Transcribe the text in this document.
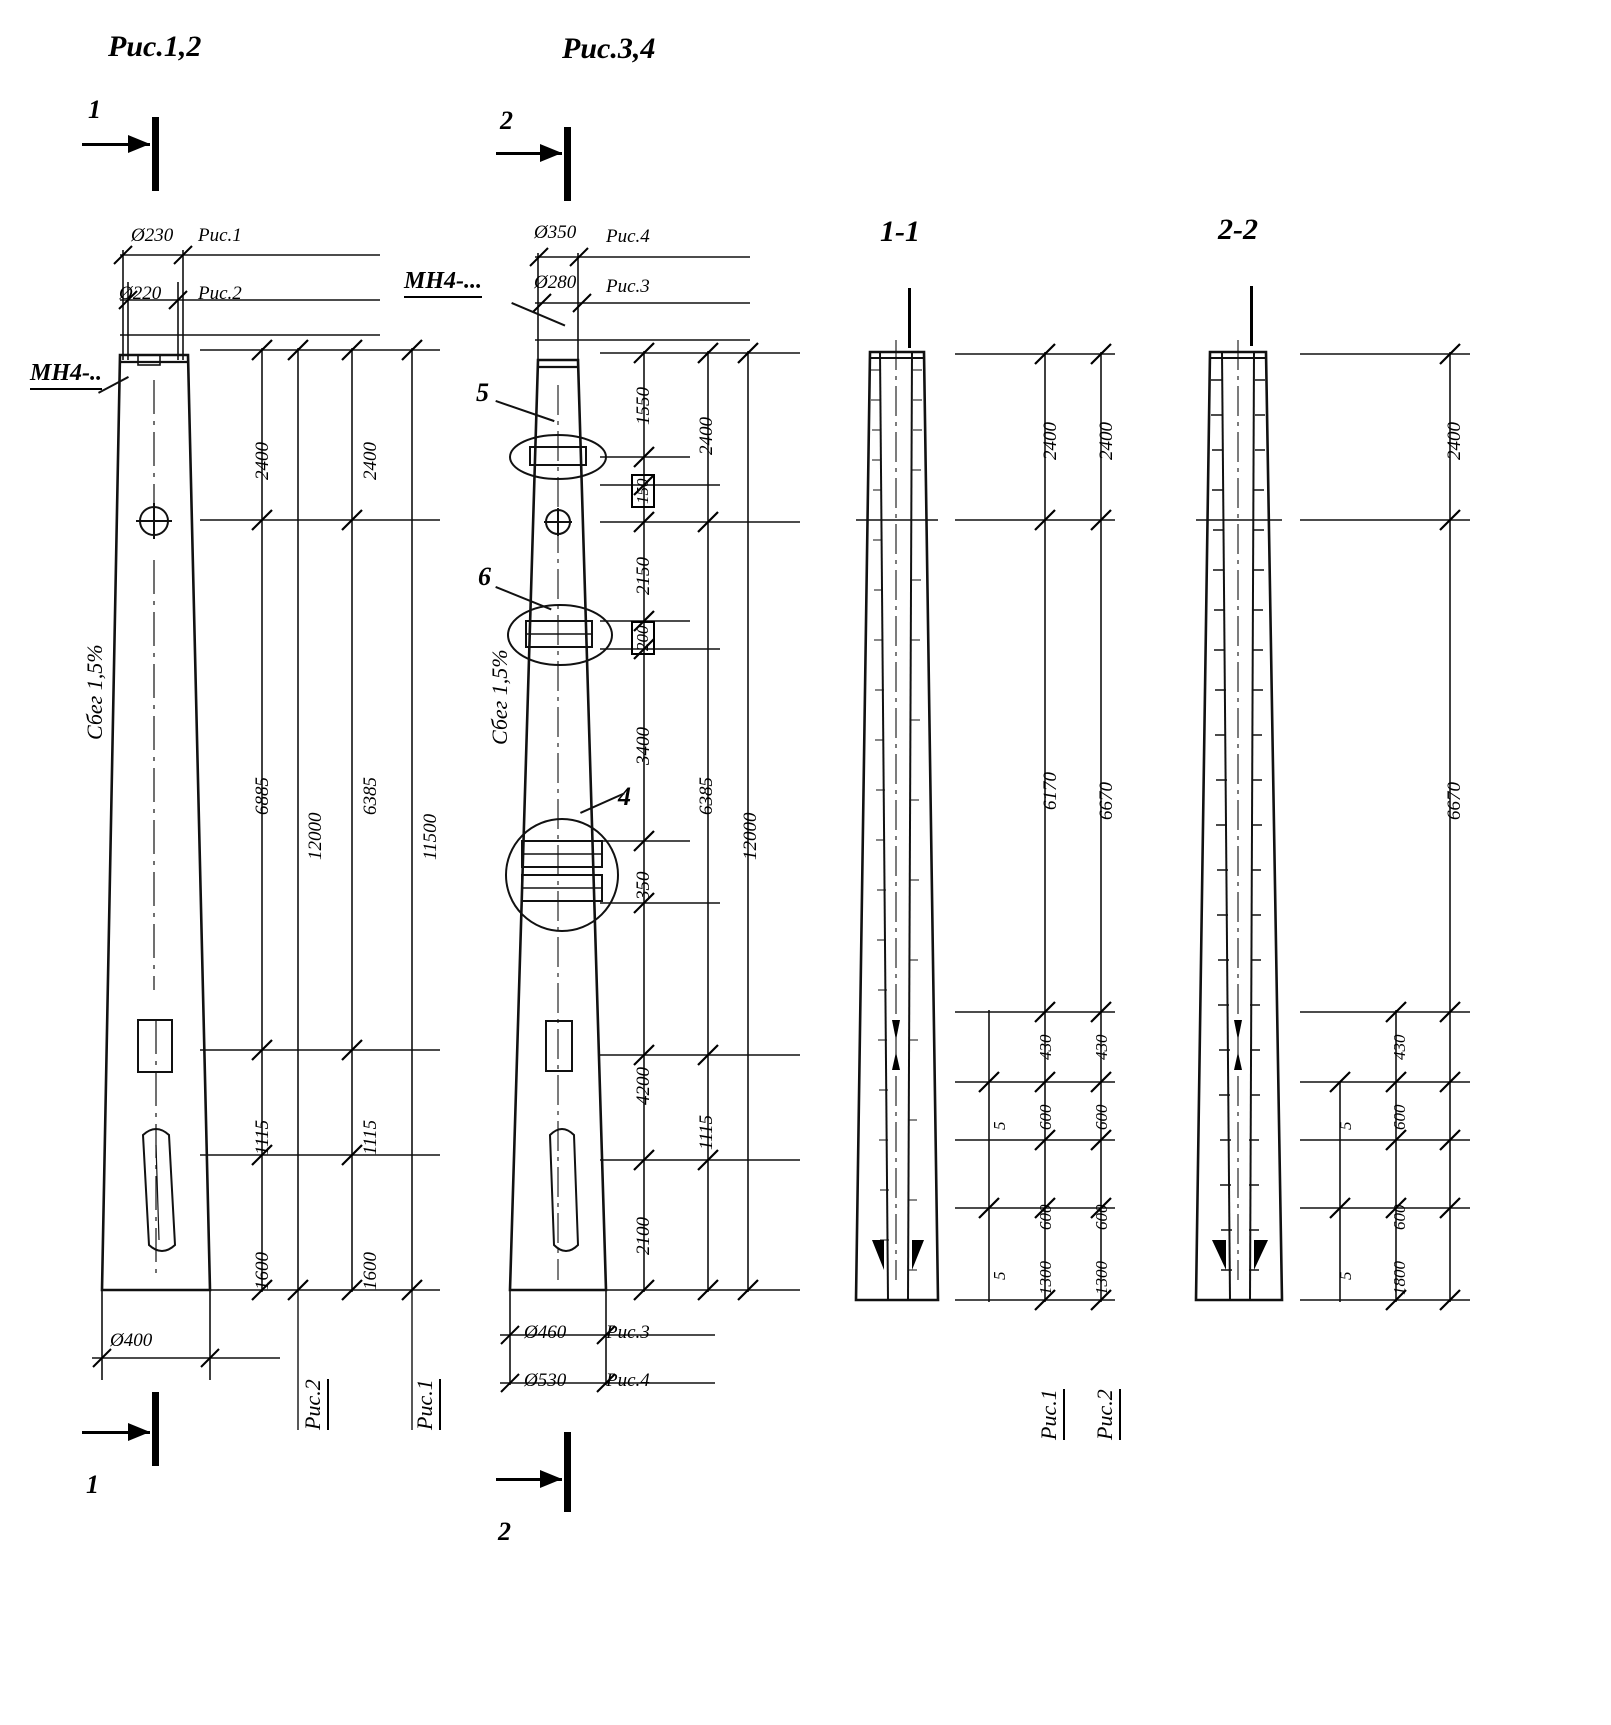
Рис.1,2	Рис.3,4
1-1	2-2
1
1
2
2
Ø230 Рис.1
Ø220 Рис.2
МН4-..
Сбег 1,5%
Ø400
2400
6885
1115
1600
12000
2400
6385
1115
1600
11500
Рис.2	Рис.1
Ø350 Рис.4
Ø280 Рис.3
МН4-...
5
6
4
Сбег 1,5%
Ø460 Рис.3
Ø530 Рис.4
1550
150
2150
200
3400
350
4200
2100
2400
6385
1115
12000
2400
6170
2400
6670
5 600
430
600
5 1300
600
430
600
1300
Рис.1 Рис.2
2400
6670
5 600
430
600
5 1800
